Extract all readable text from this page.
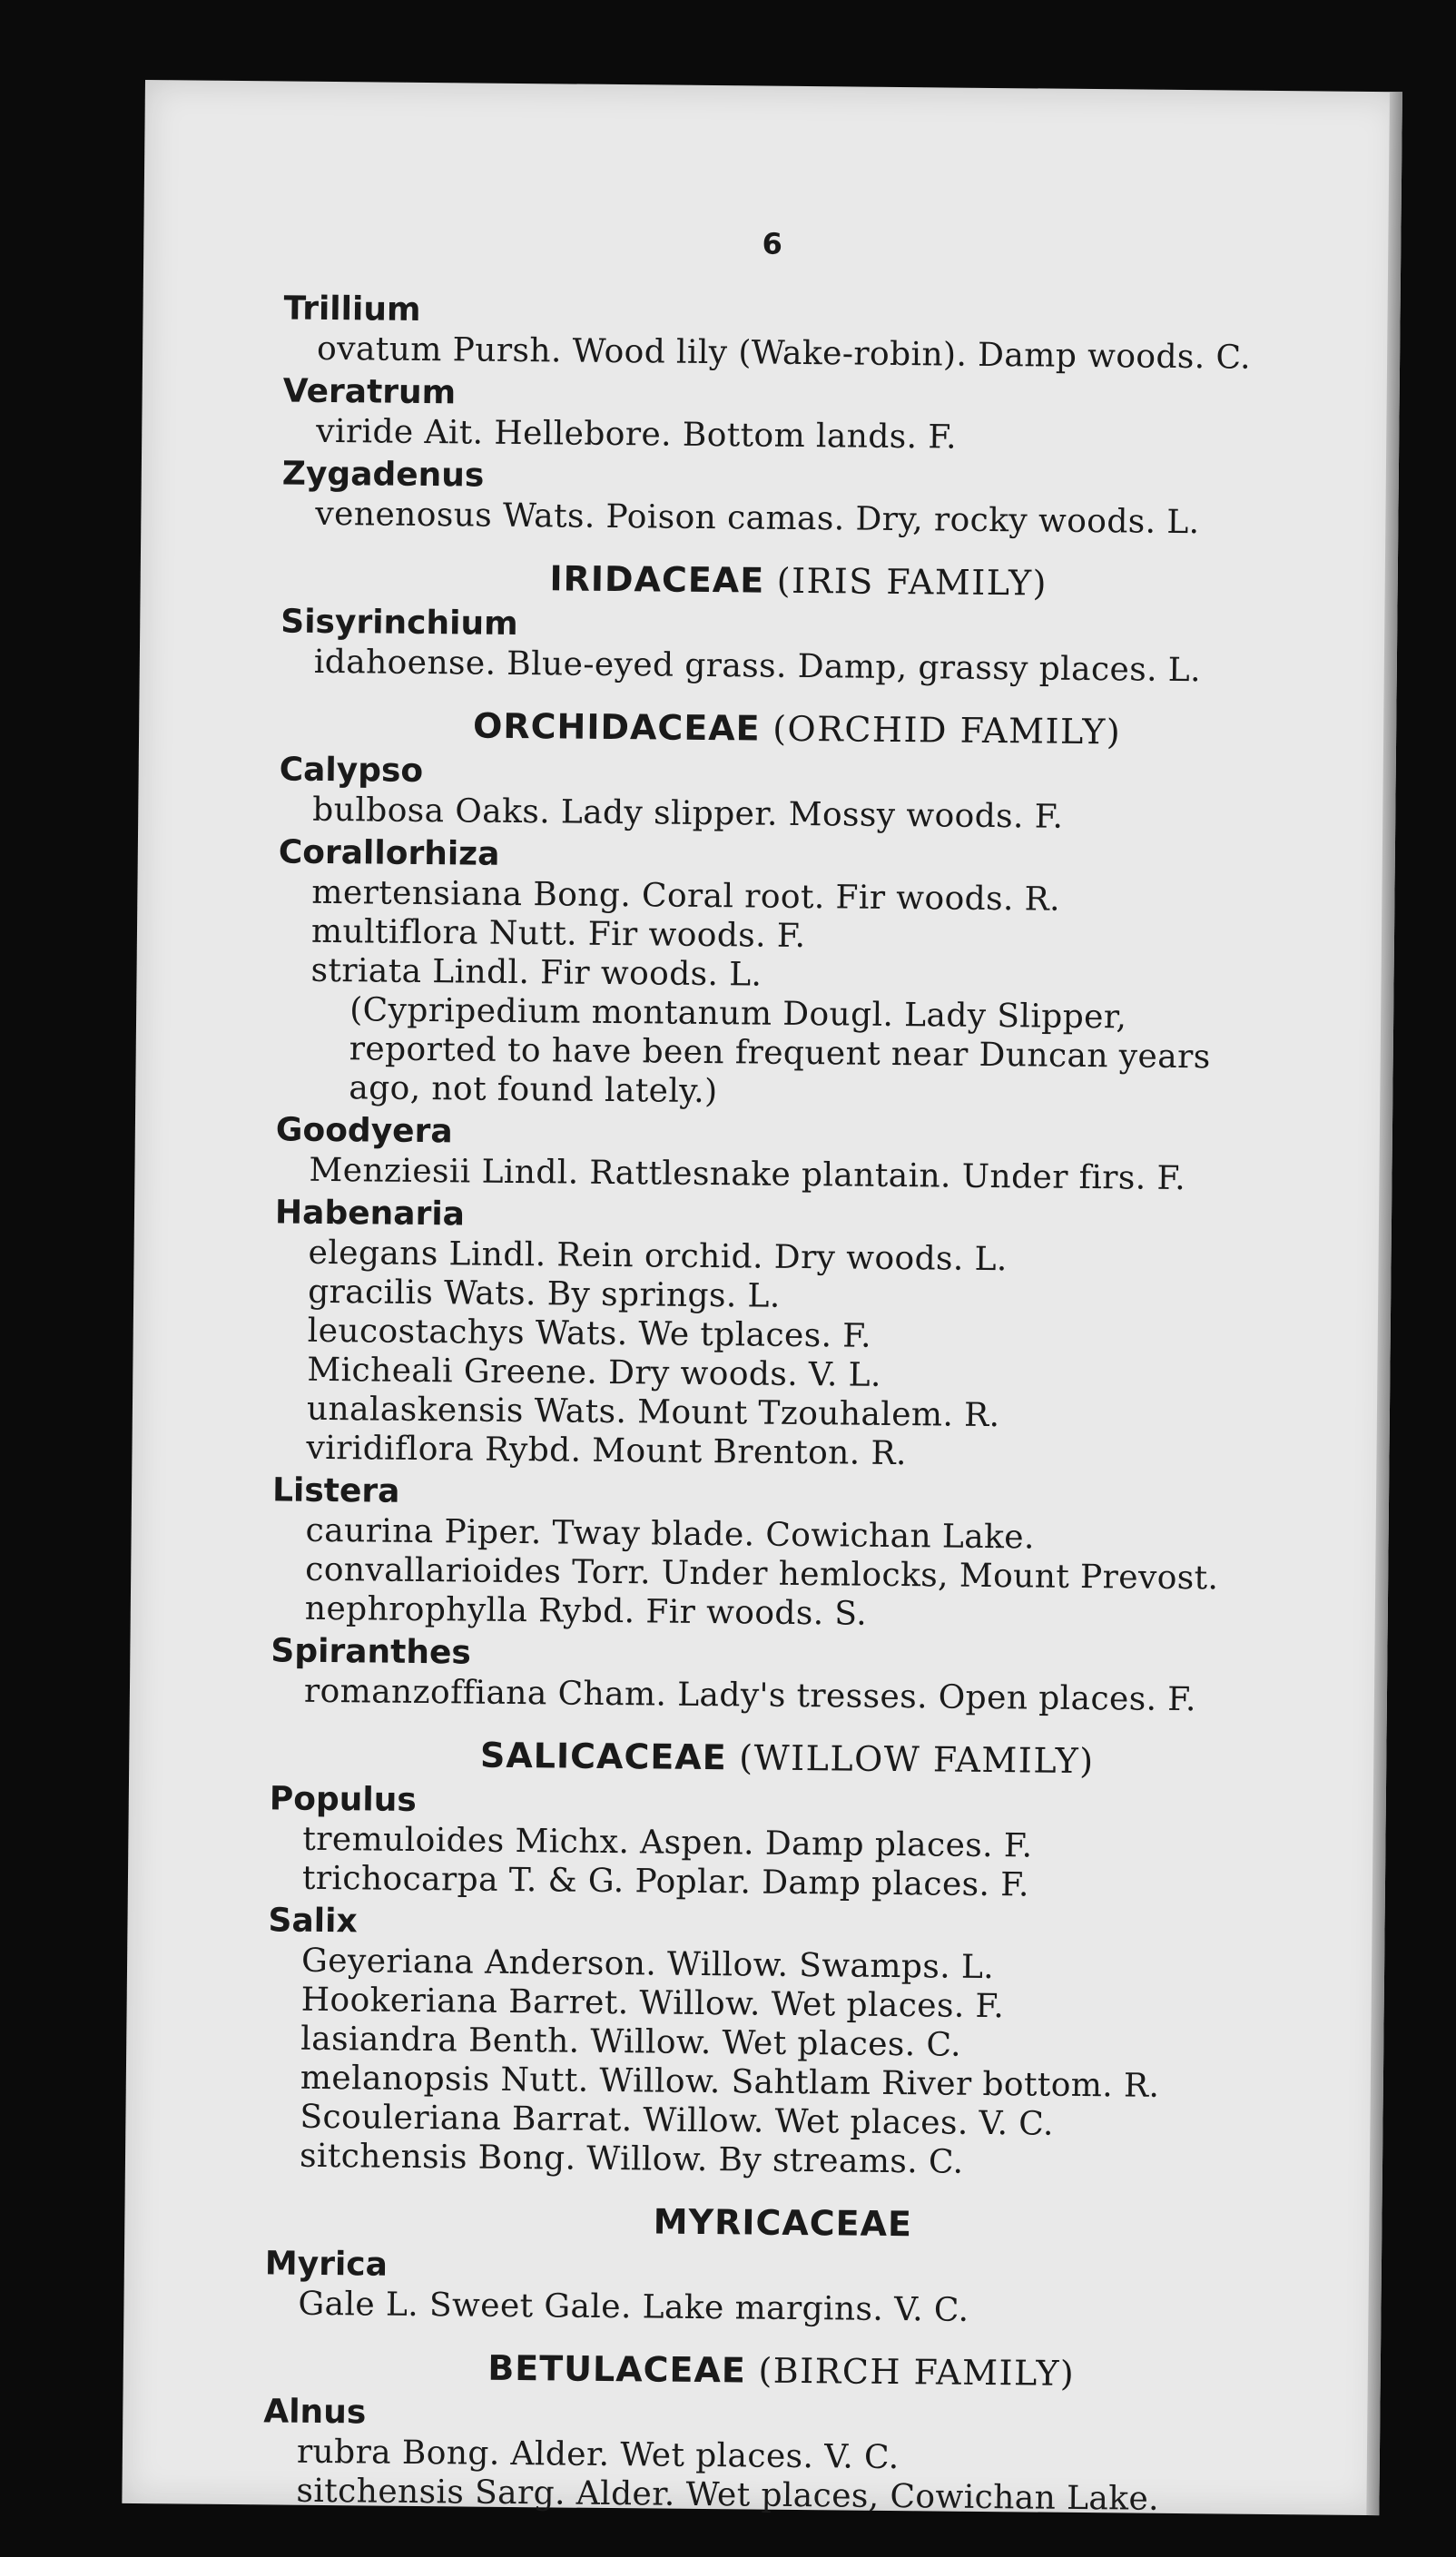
6
Trillium
ovatum Pursh. Wood lily (Wake-robin). Damp woods. C.
Veratrum
viride Ait. Hellebore. Bottom lands. F.
Zygadenus
venenosus Wats. Poison camas. Dry, rocky woods. L.
IRIDACEAE (IRIS FAMILY)
Sisyrinchium
idahoense. Blue-eyed grass. Damp, grassy places. L.
ORCHIDACEAE (ORCHID FAMILY)
Calypso
bulbosa Oaks. Lady slipper. Mossy woods. F.
Corallorhiza
mertensiana Bong. Coral root. Fir woods. R.
multiflora Nutt. Fir woods. F.
striata Lindl. Fir woods. L.
(Cypripedium montanum Dougl. Lady Slipper, reported to have been frequent near Duncan years ago, not found lately.)
Goodyera
Menziesii Lindl. Rattlesnake plantain. Under firs. F.
Habenaria
elegans Lindl. Rein orchid. Dry woods. L.
gracilis Wats. By springs. L.
leucostachys Wats. We tplaces. F.
Micheali Greene. Dry woods. V. L.
unalaskensis Wats. Mount Tzouhalem. R.
viridiflora Rybd. Mount Brenton. R.
Listera
caurina Piper. Tway blade. Cowichan Lake.
convallarioides Torr. Under hemlocks, Mount Prevost.
nephrophylla Rybd. Fir woods. S.
Spiranthes
romanzoffiana Cham. Lady's tresses. Open places. F.
SALICACEAE (WILLOW FAMILY)
Populus
tremuloides Michx. Aspen. Damp places. F.
trichocarpa T. & G. Poplar. Damp places. F.
Salix
Geyeriana Anderson. Willow. Swamps. L.
Hookeriana Barret. Willow. Wet places. F.
lasiandra Benth. Willow. Wet places. C.
melanopsis Nutt. Willow. Sahtlam River bottom. R.
Scouleriana Barrat. Willow. Wet places. V. C.
sitchensis Bong. Willow. By streams. C.
MYRICACEAE
Myrica
Gale L. Sweet Gale. Lake margins. V. C.
BETULACEAE (BIRCH FAMILY)
Alnus
rubra Bong. Alder. Wet places. V. C.
sitchensis Sarg. Alder. Wet places, Cowichan Lake.
